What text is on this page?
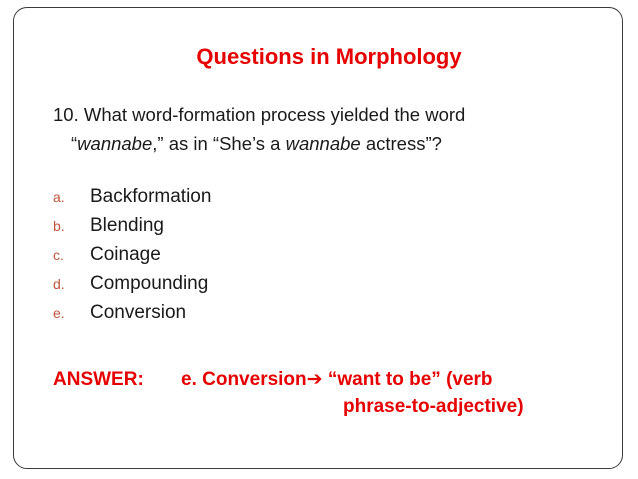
Questions in Morphology
10. What word-formation process yielded the word
“wannabe,” as in “She’s a wannabe actress”?
a.	Backformation
b.	Blending
c.	Coinage
d.	Compounding
e.	Conversion
ANSWER: e. Conversion➔ “want to be” (verb
phrase-to-adjective)
